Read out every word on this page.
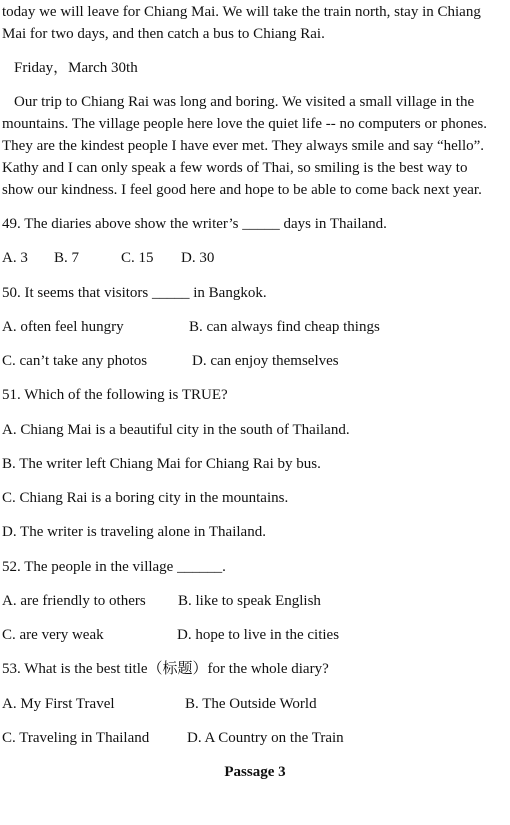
today we will leave for Chiang Mai. We will take the train north, stay in Chiang
Mai for two days, and then catch a bus to Chiang Rai.
Friday，March 30th
Our trip to Chiang Rai was long and boring. We visited a small village in the
mountains. The village people here love the quiet life -- no computers or phones.
They are the kindest people I have ever met. They always smile and say “hello”.
Kathy and I can only speak a few words of Thai, so smiling is the best way to
show our kindness. I feel good here and hope to be able to come back next year.
49. The diaries above show the writer’s _____ days in Thailand.
A. 3 B. 7	C. 15 D. 30
50. It seems that visitors _____ in Bangkok.
A. often feel hungry	B. can always find cheap things
C. can’t take any photos	D. can enjoy themselves
51. Which of the following is TRUE?
A. Chiang Mai is a beautiful city in the south of Thailand.
B. The writer left Chiang Mai for Chiang Rai by bus.
C. Chiang Rai is a boring city in the mountains.
D. The writer is traveling alone in Thailand.
52. The people in the village ______.
A. are friendly to others B. like to speak English
C. are very weak	D. hope to live in the cities
53. What is the best title（标题）for the whole diary?
A. My First Travel	B. The Outside World
C. Traveling in Thailand	D. A Country on the Train
Passage 3
